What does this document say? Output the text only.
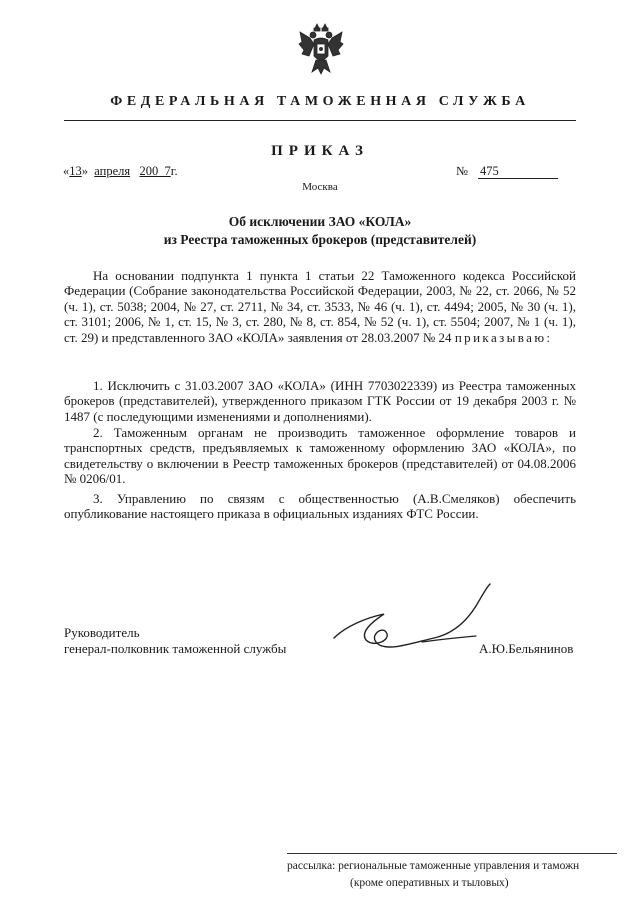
ФЕДЕРАЛЬНАЯ ТАМОЖЕННАЯ СЛУЖБА
ПРИКАЗ
«13» апреля 200_7г.	№ 475
Москва
Об исключении ЗАО «КОЛА»
из Реестра таможенных брокеров (представителей)
На основании подпункта 1 пункта 1 статьи 22 Таможенного кодекса Российской Федерации (Собрание законодательства Российской Федерации, 2003, № 22, ст. 2066, № 52 (ч. 1), ст. 5038; 2004, № 27, ст. 2711, № 34, ст. 3533, № 46 (ч. 1), ст. 4494; 2005, № 30 (ч. 1), ст. 3101; 2006, № 1, ст. 15, № 3, ст. 280, № 8, ст. 854, № 52 (ч. 1), ст. 5504; 2007, № 1 (ч. 1), ст. 29) и представленного ЗАО «КОЛА» заявления от 28.03.2007 № 24 приказываю:
1. Исключить с 31.03.2007 ЗАО «КОЛА» (ИНН 7703022339) из Реестра таможенных брокеров (представителей), утвержденного приказом ГТК России от 19 декабря 2003 г. № 1487 (с последующими изменениями и дополнениями).
2. Таможенным органам не производить таможенное оформление товаров и транспортных средств, предъявляемых к таможенному оформлению ЗАО «КОЛА», по свидетельству о включении в Реестр таможенных брокеров (представителей) от 04.08.2006 № 0206/01.
3. Управлению по связям с общественностью (А.В.Смеляков) обеспечить опубликование настоящего приказа в официальных изданиях ФТС России.
Руководитель
генерал-полковник таможенной службы	А.Ю.Бельянинов
рассылка: региональные таможенные управления и таможн
(кроме оперативных и тыловых)
